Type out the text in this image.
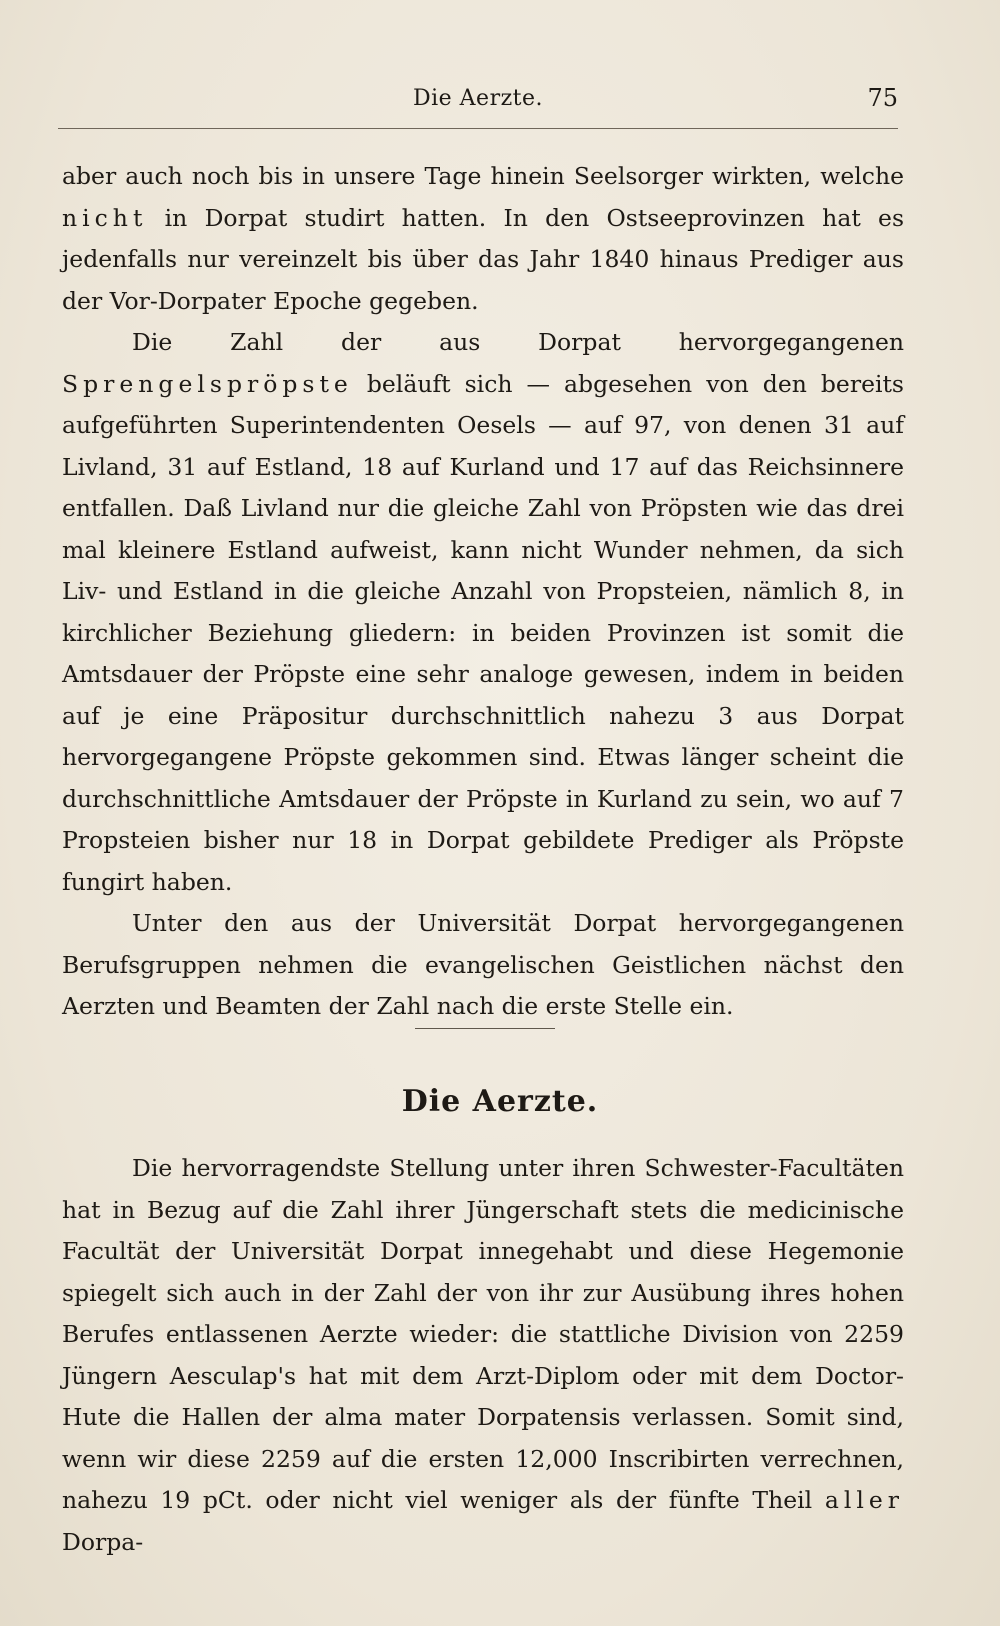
Die Aerzte.	75

aber auch noch bis in unsere Tage hinein Seelsorger wirkten, welche nicht in Dorpat studirt hatten. In den Ostseeprovinzen hat es jedenfalls nur vereinzelt bis über das Jahr 1840 hinaus Prediger aus der Vor-Dorpater Epoche gegeben.

Die Zahl der aus Dorpat hervorgegangenen Sprengelspröpste beläuft sich — abgesehen von den bereits aufgeführten Superintendenten Oesels — auf 97, von denen 31 auf Livland, 31 auf Estland, 18 auf Kurland und 17 auf das Reichsinnere entfallen. Daß Livland nur die gleiche Zahl von Pröpsten wie das drei mal kleinere Estland aufweist, kann nicht Wunder nehmen, da sich Liv- und Estland in die gleiche Anzahl von Propsteien, nämlich 8, in kirchlicher Beziehung gliedern: in beiden Provinzen ist somit die Amtsdauer der Pröpste eine sehr analoge gewesen, indem in beiden auf je eine Präpositur durchschnittlich nahezu 3 aus Dorpat hervorgegangene Pröpste gekommen sind. Etwas länger scheint die durchschnittliche Amtsdauer der Pröpste in Kurland zu sein, wo auf 7 Propsteien bisher nur 18 in Dorpat gebildete Prediger als Pröpste fungirt haben.

Unter den aus der Universität Dorpat hervorgegangenen Berufsgruppen nehmen die evangelischen Geistlichen nächst den Aerzten und Beamten der Zahl nach die erste Stelle ein.

Die Aerzte.

Die hervorragendste Stellung unter ihren Schwester-Facultäten hat in Bezug auf die Zahl ihrer Jüngerschaft stets die medicinische Facultät der Universität Dorpat innegehabt und diese Hegemonie spiegelt sich auch in der Zahl der von ihr zur Ausübung ihres hohen Berufes entlassenen Aerzte wieder: die stattliche Division von 2259 Jüngern Aesculap's hat mit dem Arzt-Diplom oder mit dem Doctor-Hute die Hallen der alma mater Dorpatensis verlassen. Somit sind, wenn wir diese 2259 auf die ersten 12,000 Inscribirten verrechnen, nahezu 19 pCt. oder nicht viel weniger als der fünfte Theil aller Dorpa-
